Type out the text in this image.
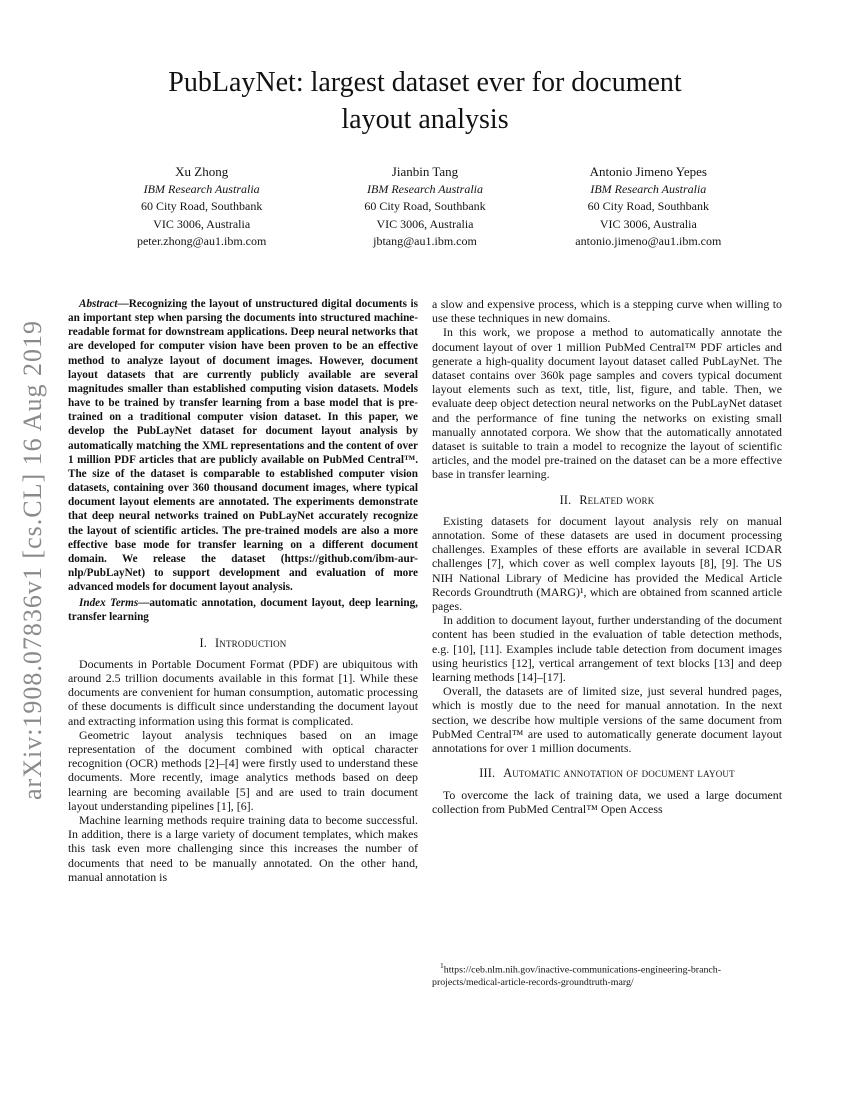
arXiv:1908.07836v1 [cs.CL] 16 Aug 2019
PubLayNet: largest dataset ever for document
layout analysis
Xu Zhong
IBM Research Australia
60 City Road, Southbank
VIC 3006, Australia
peter.zhong@au1.ibm.com
Jianbin Tang
IBM Research Australia
60 City Road, Southbank
VIC 3006, Australia
jbtang@au1.ibm.com
Antonio Jimeno Yepes
IBM Research Australia
60 City Road, Southbank
VIC 3006, Australia
antonio.jimeno@au1.ibm.com

Abstract—Recognizing the layout of unstructured digital documents is an important step when parsing the documents into structured machine-readable format for downstream applications. Deep neural networks that are developed for computer vision have been proven to be an effective method to analyze layout of document images. However, document layout datasets that are currently publicly available are several magnitudes smaller than established computing vision datasets. Models have to be trained by transfer learning from a base model that is pre-trained on a traditional computer vision dataset. In this paper, we develop the PubLayNet dataset for document layout analysis by automatically matching the XML representations and the content of over 1 million PDF articles that are publicly available on PubMed Central™. The size of the dataset is comparable to established computer vision datasets, containing over 360 thousand document images, where typical document layout elements are annotated. The experiments demonstrate that deep neural networks trained on PubLayNet accurately recognize the layout of scientific articles. The pre-trained models are also a more effective base mode for transfer learning on a different document domain. We release the dataset (https://github.com/ibm-aur-nlp/PubLayNet) to support development and evaluation of more advanced models for document layout analysis.

Index Terms—automatic annotation, document layout, deep learning, transfer learning

I. Introduction

Documents in Portable Document Format (PDF) are ubiquitous with around 2.5 trillion documents available in this format [1]. While these documents are convenient for human consumption, automatic processing of these documents is difficult since understanding the document layout and extracting information using this format is complicated.

Geometric layout analysis techniques based on an image representation of the document combined with optical character recognition (OCR) methods [2]–[4] were firstly used to understand these documents. More recently, image analytics methods based on deep learning are becoming available [5] and are used to train document layout understanding pipelines [1], [6].

Machine learning methods require training data to become successful. In addition, there is a large variety of document templates, which makes this task even more challenging since this increases the number of documents that need to be manually annotated. On the other hand, manual annotation is

a slow and expensive process, which is a stepping curve when willing to use these techniques in new domains.

In this work, we propose a method to automatically annotate the document layout of over 1 million PubMed Central™ PDF articles and generate a high-quality document layout dataset called PubLayNet. The dataset contains over 360k page samples and covers typical document layout elements such as text, title, list, figure, and table. Then, we evaluate deep object detection neural networks on the PubLayNet dataset and the performance of fine tuning the networks on existing small manually annotated corpora. We show that the automatically annotated dataset is suitable to train a model to recognize the layout of scientific articles, and the model pre-trained on the dataset can be a more effective base in transfer learning.

II. Related work

Existing datasets for document layout analysis rely on manual annotation. Some of these datasets are used in document processing challenges. Examples of these efforts are available in several ICDAR challenges [7], which cover as well complex layouts [8], [9]. The US NIH National Library of Medicine has provided the Medical Article Records Groundtruth (MARG)¹, which are obtained from scanned article pages.

In addition to document layout, further understanding of the document content has been studied in the evaluation of table detection methods, e.g. [10], [11]. Examples include table detection from document images using heuristics [12], vertical arrangement of text blocks [13] and deep learning methods [14]–[17].

Overall, the datasets are of limited size, just several hundred pages, which is mostly due to the need for manual annotation. In the next section, we describe how multiple versions of the same document from PubMed Central™ are used to automatically generate document layout annotations for over 1 million documents.

III. Automatic annotation of document layout

To overcome the lack of training data, we used a large document collection from PubMed Central™ Open Access

$^1$https://ceb.nlm.nih.gov/inactive-communications-engineering-branch-projects/medical-article-records-groundtruth-marg/
